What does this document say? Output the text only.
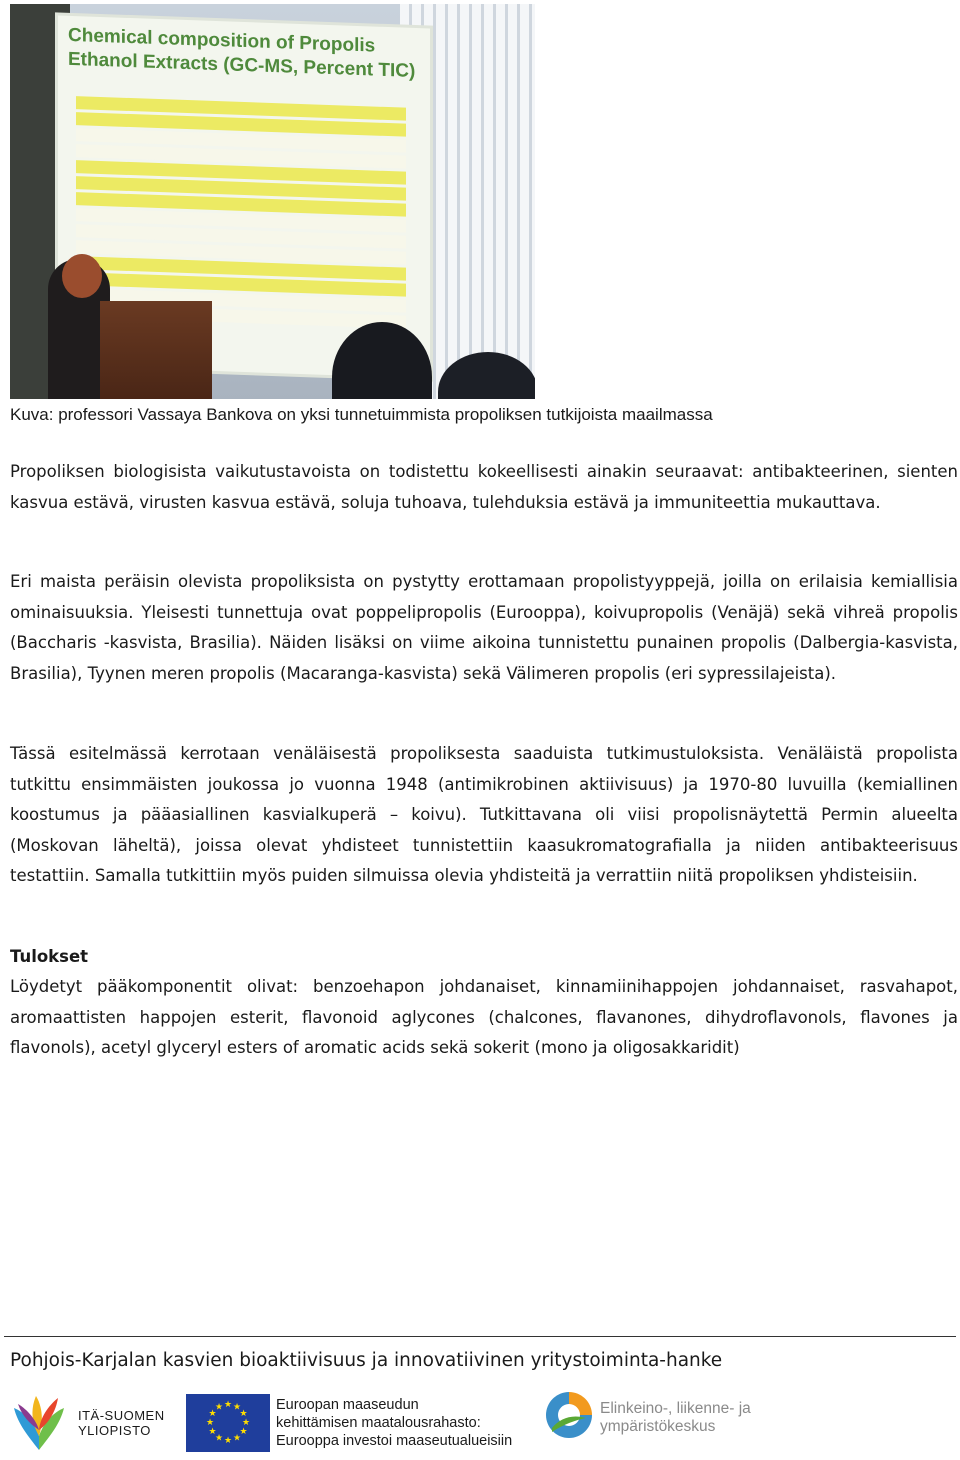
Chemical composition of Propolis Ethanol Extracts (GC-MS, Percent TIC)
Kuva: professori Vassaya Bankova on yksi tunnetuimmista propoliksen tutkijoista maailmassa
Propoliksen biologisista vaikutustavoista on todistettu kokeellisesti ainakin seuraavat: antibakteerinen, sienten kasvua estävä, virusten kasvua estävä, soluja tuhoava, tulehduksia estävä ja immuniteettia mukauttava.
Eri maista peräisin olevista propoliksista on pystytty erottamaan propolistyyppejä, joilla on erilaisia kemiallisia ominaisuuksia. Yleisesti tunnettuja ovat poppelipropolis (Eurooppa), koivupropolis (Venäjä) sekä vihreä propolis (Baccharis -kasvista, Brasilia). Näiden lisäksi on viime aikoina tunnistettu punainen propolis (Dalbergia-kasvista, Brasilia), Tyynen meren propolis (Macaranga-kasvista) sekä Välimeren propolis (eri sypressilajeista).
Tässä esitelmässä kerrotaan venäläisestä propoliksesta saaduista tutkimustuloksista. Venäläistä propolista tutkittu ensimmäisten joukossa jo vuonna 1948 (antimikrobinen aktiivisuus) ja 1970-80 luvuilla (kemiallinen koostumus ja pääasiallinen kasvialkuperä – koivu). Tutkittavana oli viisi propolisnäytettä Permin alueelta (Moskovan läheltä), joissa olevat yhdisteet tunnistettiin kaasukromatografialla ja niiden antibakteerisuus testattiin. Samalla tutkittiin myös puiden silmuissa olevia yhdisteitä ja verrattiin niitä propoliksen yhdisteisiin.
Tulokset
Löydetyt pääkomponentit olivat: benzoehapon johdanaiset, kinnamiinihappojen johdannaiset, rasvahapot, aromaattisten happojen esterit, flavonoid aglycones (chalcones, flavanones, dihydroflavonols, flavones ja flavonols), acetyl glyceryl esters of aromatic acids sekä sokerit (mono ja oligosakkaridit)
Pohjois-Karjalan kasvien bioaktiivisuus ja innovatiivinen yritystoiminta-hanke
ITÄ-SUOMEN
YLIOPISTO
★ ★
★
★
★
★
★
★
★
★
★
★	Euroopan maaseudun
kehittämisen maatalousrahasto:
Eurooppa investoi maaseutualueisiin
Elinkeino-, liikenne- ja
ympäristökeskus
